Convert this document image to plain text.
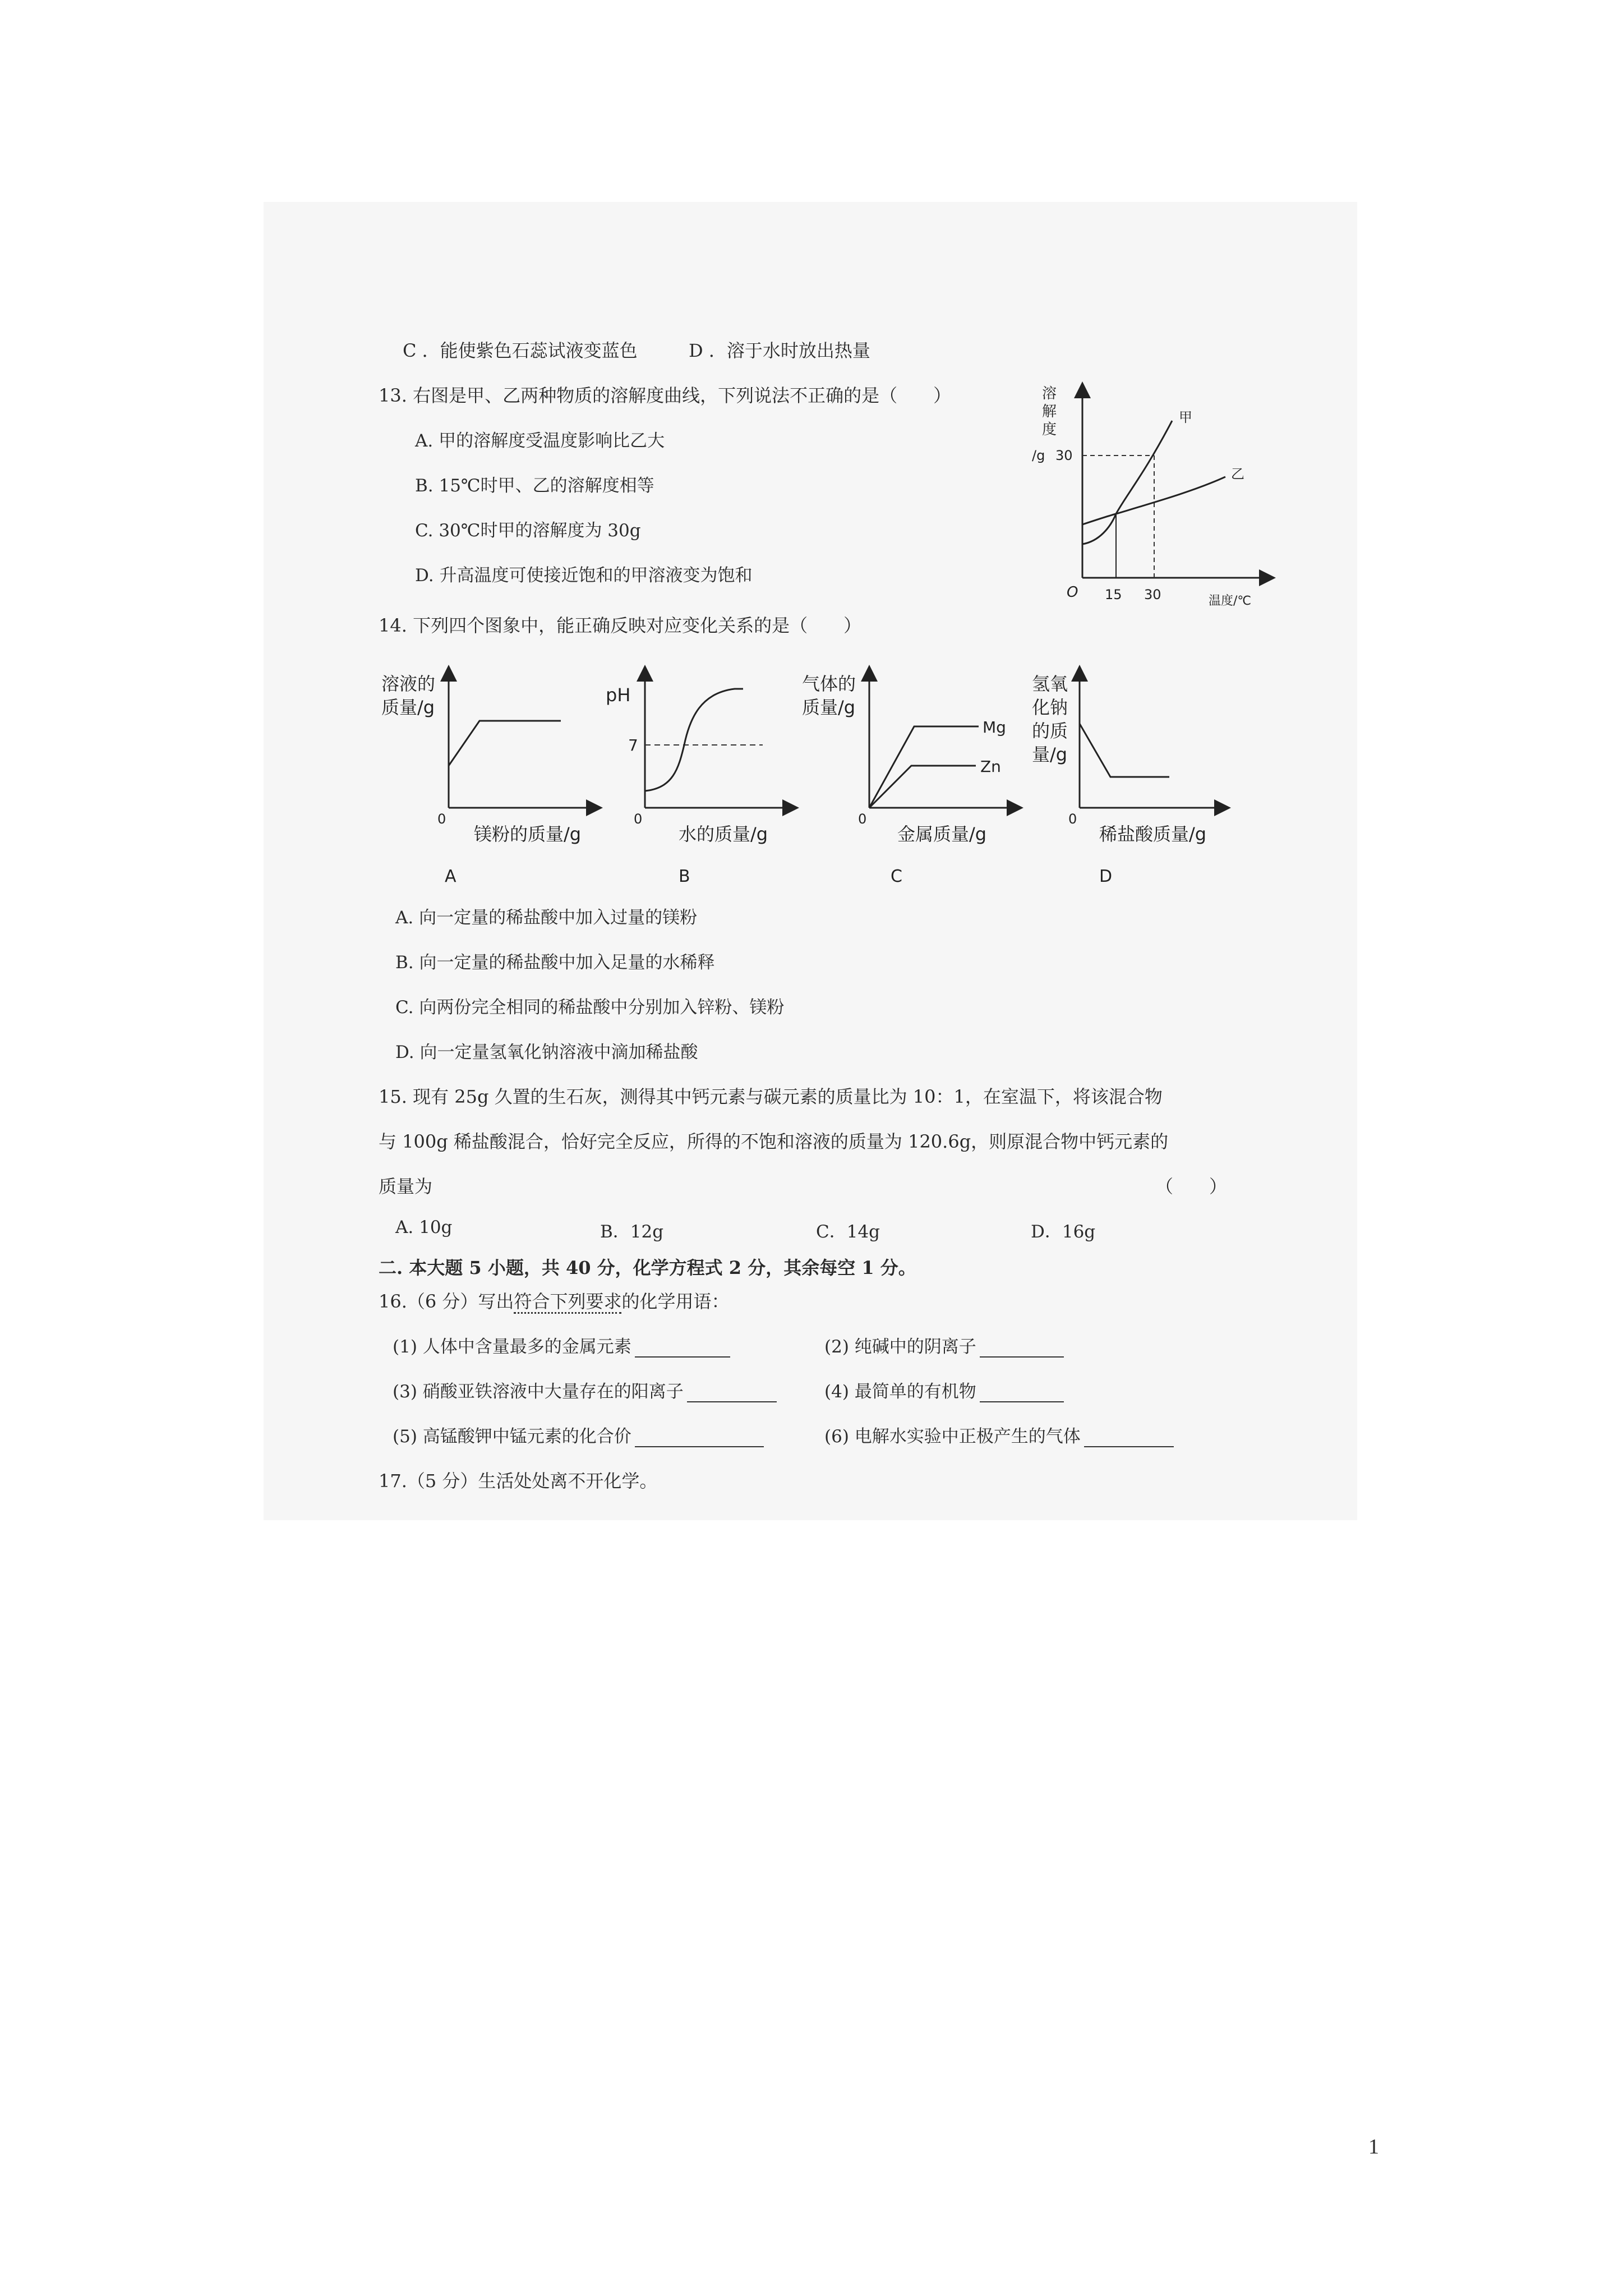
C ．能使紫色石蕊试液变蓝色	D ．溶于水时放出热量
13. 右图是甲、乙两种物质的溶解度曲线，下列说法不正确的是（　　）
A. 甲的溶解度受温度影响比乙大
B. 15℃时甲、乙的溶解度相等
C. 30℃时甲的溶解度为 30g
D. 升高温度可使接近饱和的甲溶液变为饱和
溶
解
度
/g 30
甲
乙
O 15 30	温度/℃
14. 下列四个图象中，能正确反映对应变化关系的是（　　）
溶液的
质量/g
0
镁粉的质量/g
A
pH
7
0
水的质量/g
B
气体的
质量/g
Mg
Zn
0
金属质量/g
C
氢氧
化钠
的质
量/g
0
稀盐酸质量/g
D
A. 向一定量的稀盐酸中加入过量的镁粉
B. 向一定量的稀盐酸中加入足量的水稀释
C. 向两份完全相同的稀盐酸中分别加入锌粉、镁粉
D. 向一定量氢氧化钠溶液中滴加稀盐酸
15. 现有 25g 久置的生石灰，测得其中钙元素与碳元素的质量比为 10：1，在室温下，将该混合物
与 100g 稀盐酸混合，恰好完全反应，所得的不饱和溶液的质量为 120.6g，则原混合物中钙元素的
质量为	（　　）
A. 10g	B．12g	C．14g	D．16g
二. 本大题 5 小题，共 40 分，化学方程式 2 分，其余每空 1 分。
16.（6 分）写出符合下列要求的化学用语：
(1) 人体中含量最多的金属元素	(2) 纯碱中的阴离子
(3) 硝酸亚铁溶液中大量存在的阳离子	(4) 最简单的有机物
(5) 高锰酸钾中锰元素的化合价	(6) 电解水实验中正极产生的气体
17.（5 分）生活处处离不开化学。
1
